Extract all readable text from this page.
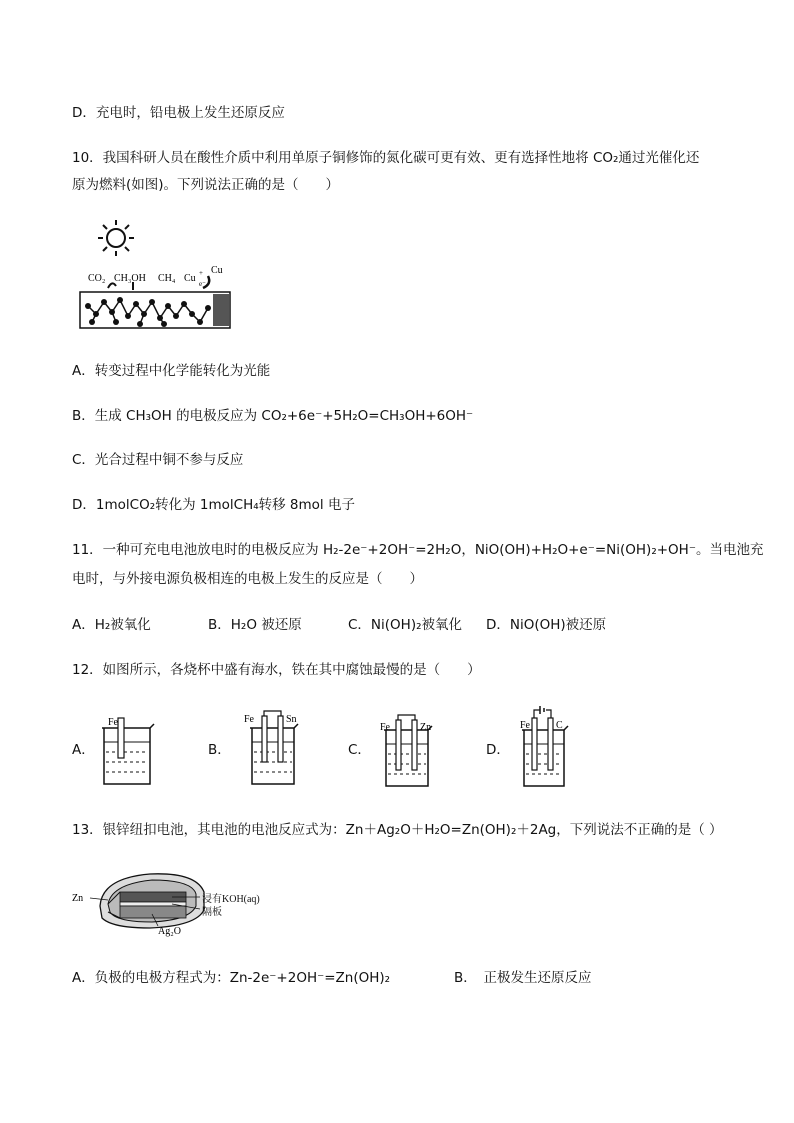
D．充电时，铅电极上发生还原反应
10．我国科研人员在酸性介质中利用单原子铜修饰的氮化碳可更有效、更有选择性地将 CO₂通过光催化还
原为燃料(如图)。下列说法正确的是（　　）
CO₂ CH₃OH CH₄ Cu +
e⁻
Cu
A．转变过程中化学能转化为光能
B．生成 CH₃OH 的电极反应为 CO₂+6e⁻+5H₂O=CH₃OH+6OH⁻
C．光合过程中铜不参与反应
D．1molCO₂转化为 1molCH₄转移 8mol 电子
11．一种可充电电池放电时的电极反应为 H₂-2e⁻+2OH⁻=2H₂O，NiO(OH)+H₂O+e⁻=Ni(OH)₂+OH⁻。当电池充
电时，与外接电源负极相连的电极上发生的反应是（　　）
A．H₂被氧化	B．H₂O 被还原	C．Ni(OH)₂被氧化 D．NiO(OH)被还原
12．如图所示，各烧杯中盛有海水，铁在其中腐蚀最慢的是（　　）
A．
Fe
B．
Fe	Sn
C．
Fe	Zn
D．
Fe	C
13．银锌纽扣电池，其电池的电池反应式为：Zn＋Ag₂O＋H₂O=Zn(OH)₂＋2Ag，下列说法不正确的是（ ）
Zn
Ag₂O
浸有KOH(aq)
隔板
A．负极的电极方程式为：Zn-2e⁻+2OH⁻=Zn(OH)₂	B．　正极发生还原反应
